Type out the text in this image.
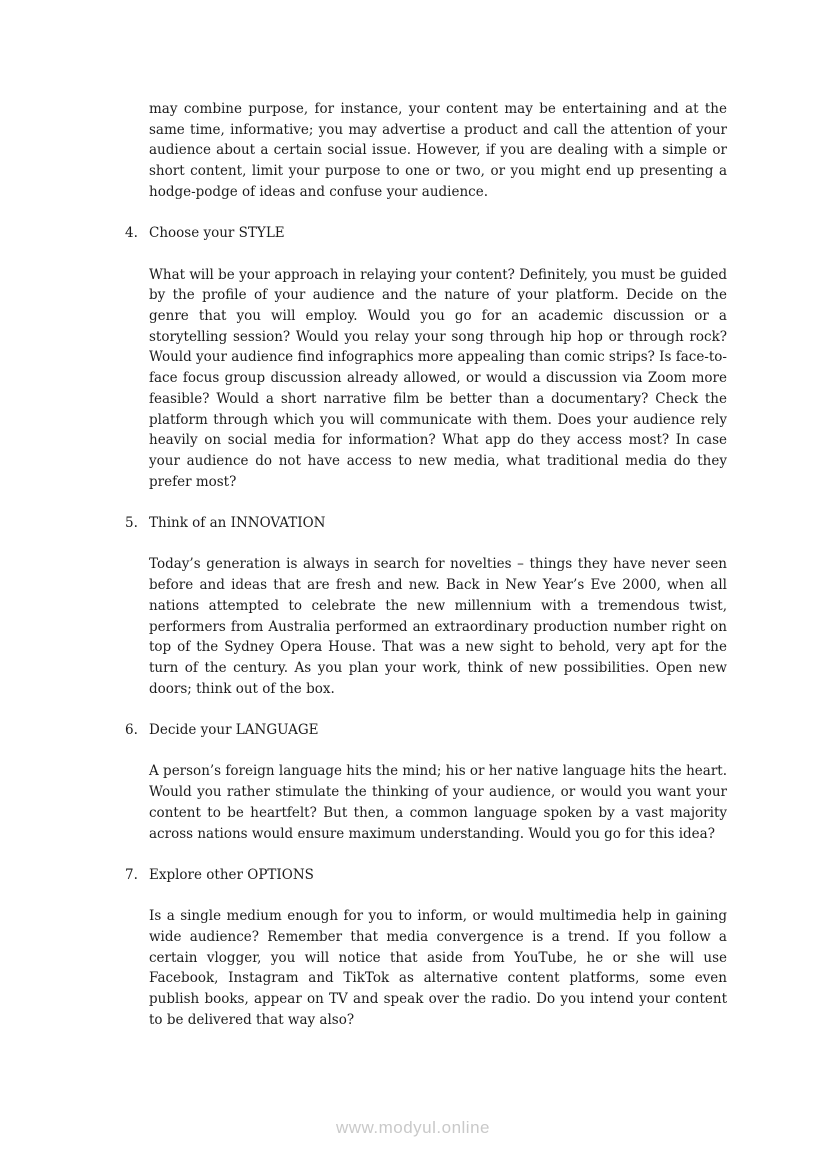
may combine purpose, for instance, your content may be entertaining and at the same time, informative; you may advertise a product and call the attention of your audience about a certain social issue. However, if you are dealing with a simple or short content, limit your purpose to one or two, or you might end up presenting a hodge-podge of ideas and confuse your audience.

4. Choose your STYLE

What will be your approach in relaying your content? Definitely, you must be guided by the profile of your audience and the nature of your platform. Decide on the genre that you will employ. Would you go for an academic discussion or a storytelling session? Would you relay your song through hip hop or through rock? Would your audience find infographics more appealing than comic strips? Is face-to-face focus group discussion already allowed, or would a discussion via Zoom more feasible? Would a short narrative film be better than a documentary? Check the platform through which you will communicate with them. Does your audience rely heavily on social media for information? What app do they access most? In case your audience do not have access to new media, what traditional media do they prefer most?

5. Think of an INNOVATION

Today’s generation is always in search for novelties – things they have never seen before and ideas that are fresh and new. Back in New Year’s Eve 2000, when all nations attempted to celebrate the new millennium with a tremendous twist, performers from Australia performed an extraordinary production number right on top of the Sydney Opera House. That was a new sight to behold, very apt for the turn of the century. As you plan your work, think of new possibilities. Open new doors; think out of the box.

6. Decide your LANGUAGE

A person’s foreign language hits the mind; his or her native language hits the heart. Would you rather stimulate the thinking of your audience, or would you want your content to be heartfelt? But then, a common language spoken by a vast majority across nations would ensure maximum understanding. Would you go for this idea?

7. Explore other OPTIONS

Is a single medium enough for you to inform, or would multimedia help in gaining wide audience? Remember that media convergence is a trend. If you follow a certain vlogger, you will notice that aside from YouTube, he or she will use Facebook, Instagram and TikTok as alternative content platforms, some even publish books, appear on TV and speak over the radio. Do you intend your content to be delivered that way also?

www.modyul.online
